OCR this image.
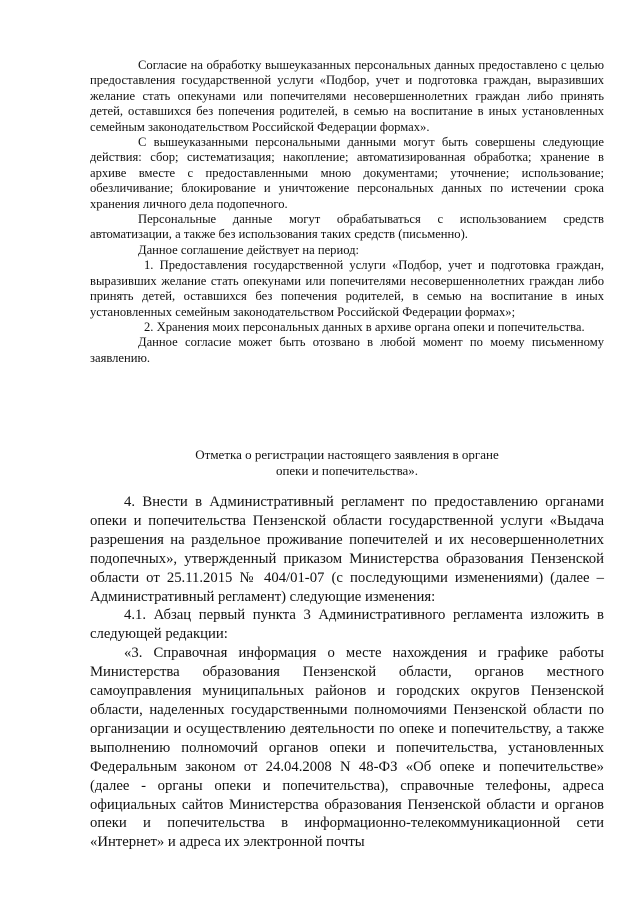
Согласие на обработку вышеуказанных персональных данных предоставлено с целью предоставления государственной услуги «Подбор, учет и подготовка граждан, выразивших желание стать опекунами или попечителями несовершеннолетних граждан либо принять детей, оставшихся без попечения родителей, в семью на воспитание в иных установленных семейным законодательством Российской Федерации формах».

С вышеуказанными персональными данными могут быть совершены следующие действия: сбор; систематизация; накопление; автоматизированная обработка; хранение в архиве вместе с предоставленными мною документами; уточнение; использование; обезличивание; блокирование и уничтожение персональных данных по истечении срока хранения личного дела подопечного.

Персональные данные могут обрабатываться с использованием средств автоматизации, а также без использования таких средств (письменно).

Данное соглашение действует на период:

1. Предоставления государственной услуги «Подбор, учет и подготовка граждан, выразивших желание стать опекунами или попечителями несовершеннолетних граждан либо принять детей, оставшихся без попечения родителей, в семью на воспитание в иных установленных семейным законодательством Российской Федерации формах»;

2. Хранения моих персональных данных в архиве органа опеки и попечительства.

Данное согласие может быть отозвано в любой момент по моему письменному заявлению.

Отметка о регистрации настоящего заявления в органе
опеки и попечительства».

4. Внести в Административный регламент по предоставлению органами опеки и попечительства Пензенской области государственной услуги «Выдача разрешения на раздельное проживание попечителей и их несовершеннолетних подопечных», утвержденный приказом Министерства образования Пензенской области от 25.11.2015 № 404/01-07 (с последующими изменениями) (далее – Административный регламент) следующие изменения:

4.1. Абзац первый пункта 3 Административного регламента изложить в следующей редакции:

«3. Справочная информация о месте нахождения и графике работы Министерства образования Пензенской области, органов местного самоуправления муниципальных районов и городских округов Пензенской области, наделенных государственными полномочиями Пензенской области по организации и осуществлению деятельности по опеке и попечительству, а также выполнению полномочий органов опеки и попечительства, установленных Федеральным законом от 24.04.2008 N 48-ФЗ «Об опеке и попечительстве» (далее - органы опеки и попечительства), справочные телефоны, адреса официальных сайтов Министерства образования Пензенской области и органов опеки и попечительства в информационно-телекоммуникационной сети «Интернет» и адреса их электронной почты
